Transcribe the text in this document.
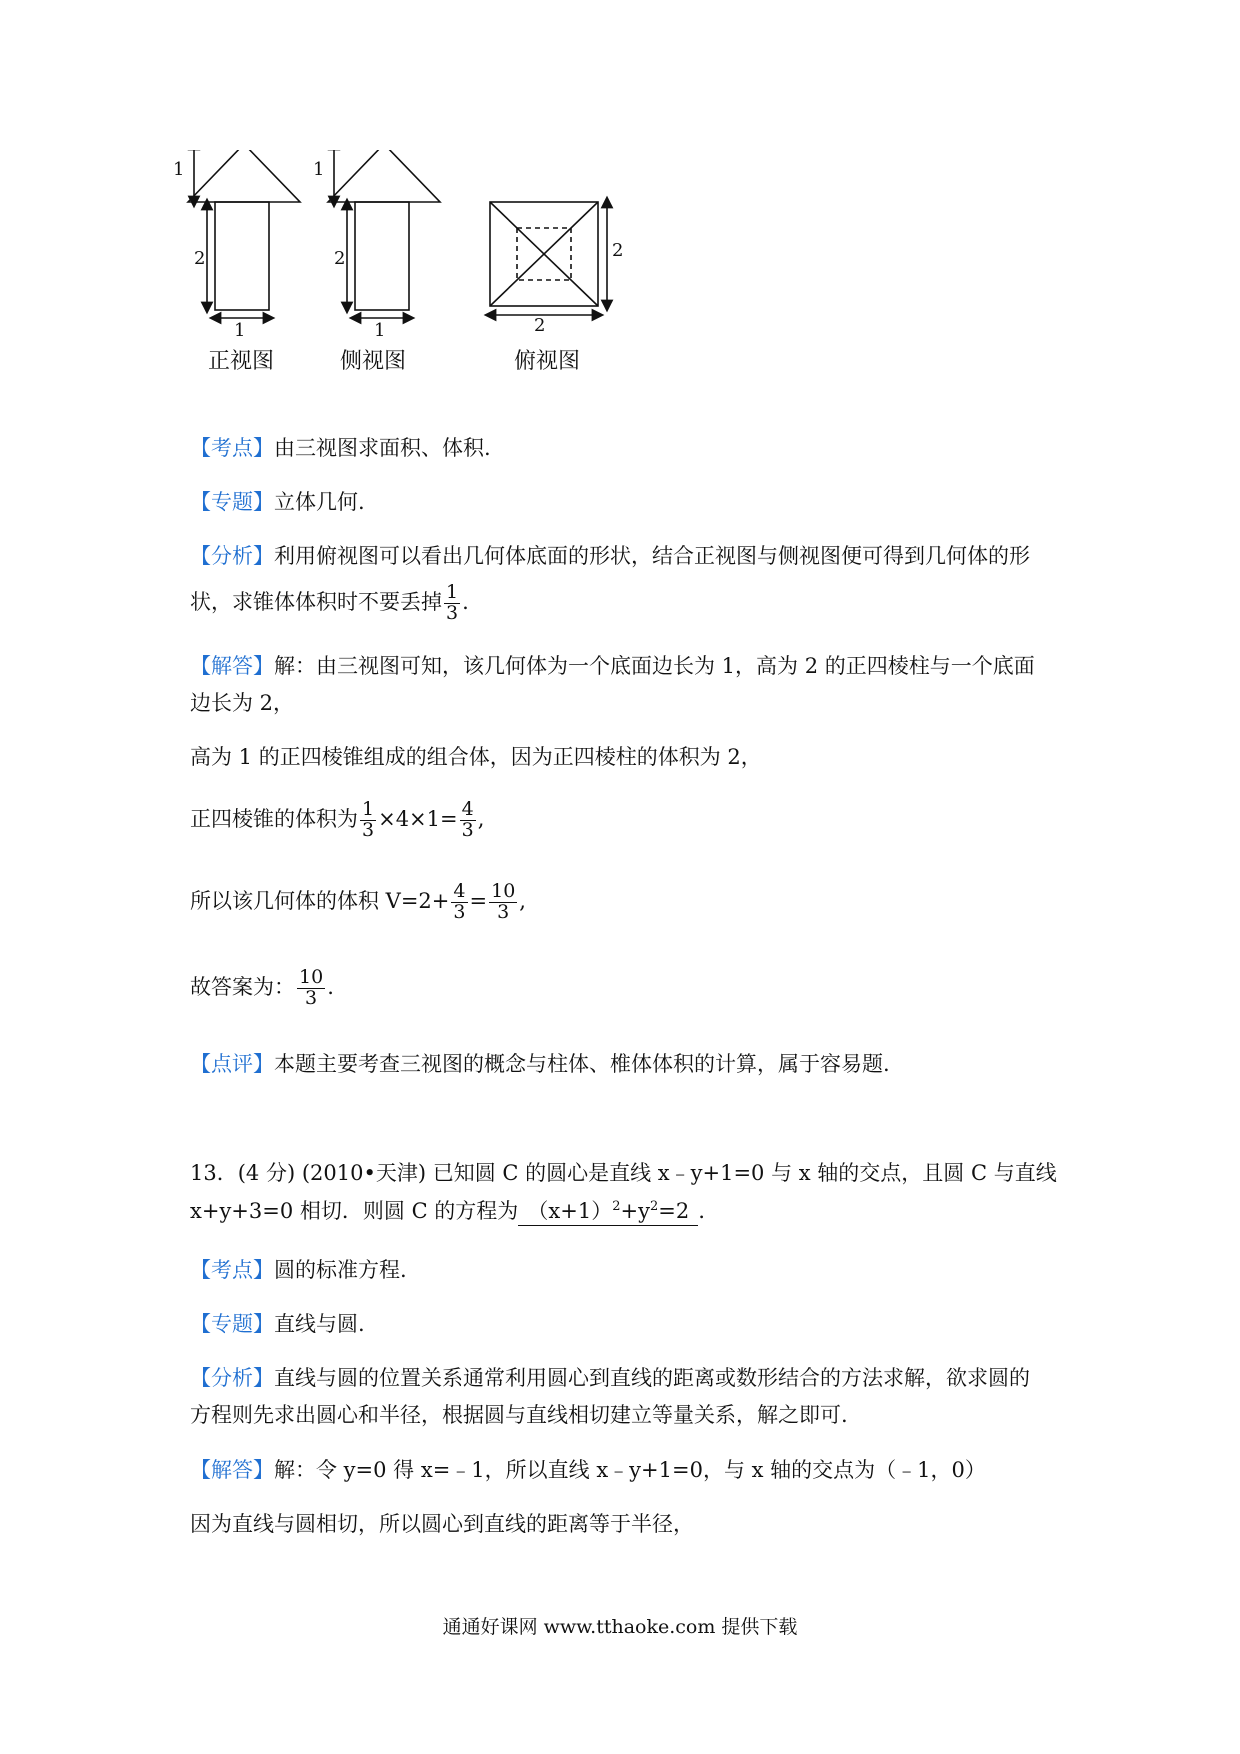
1
2
1
正视图
1
2
1
侧视图
2
2
俯视图
【考点】由三视图求面积、体积.
【专题】立体几何.
【分析】利用俯视图可以看出几何体底面的形状，结合正视图与侧视图便可得到几何体的形
状，求锥体体积时不要丢掉 $\frac{1}{3}$ .
【解答】解：由三视图可知，该几何体为一个底面边长为 1，高为 2 的正四棱柱与一个底面
边长为 2，
高为 1 的正四棱锥组成的组合体，因为正四棱柱的体积为 2，
正四棱锥的体积为 $\frac{1}{3} \times 4\times 1= \frac{4}{3}$ ,
所以该几何体的体积 $V=2+ \frac{4}{3} = \frac{10}{3}$ ,
故答案为： $\frac{10}{3}$ .
【点评】本题主要考查三视图的概念与柱体、椎体体积的计算，属于容易题.
13．(4 分) (2010•天津) 已知圆 C 的圆心是直线 x﹣y+1=0 与 x 轴的交点，且圆 C 与直线
x+y+3=0 相切．则圆 C 的方程为 $(x+1)^2+y^2=2$ ．
【考点】圆的标准方程.
【专题】直线与圆.
【分析】直线与圆的位置关系通常利用圆心到直线的距离或数形结合的方法求解，欲求圆的
方程则先求出圆心和半径，根据圆与直线相切建立等量关系，解之即可.
【解答】解：令 y=0 得 x=﹣1，所以直线 x﹣y+1=0，与 x 轴的交点为（﹣1，0）
因为直线与圆相切，所以圆心到直线的距离等于半径，
通通好课网 www.tthaoke.com 提供下载
